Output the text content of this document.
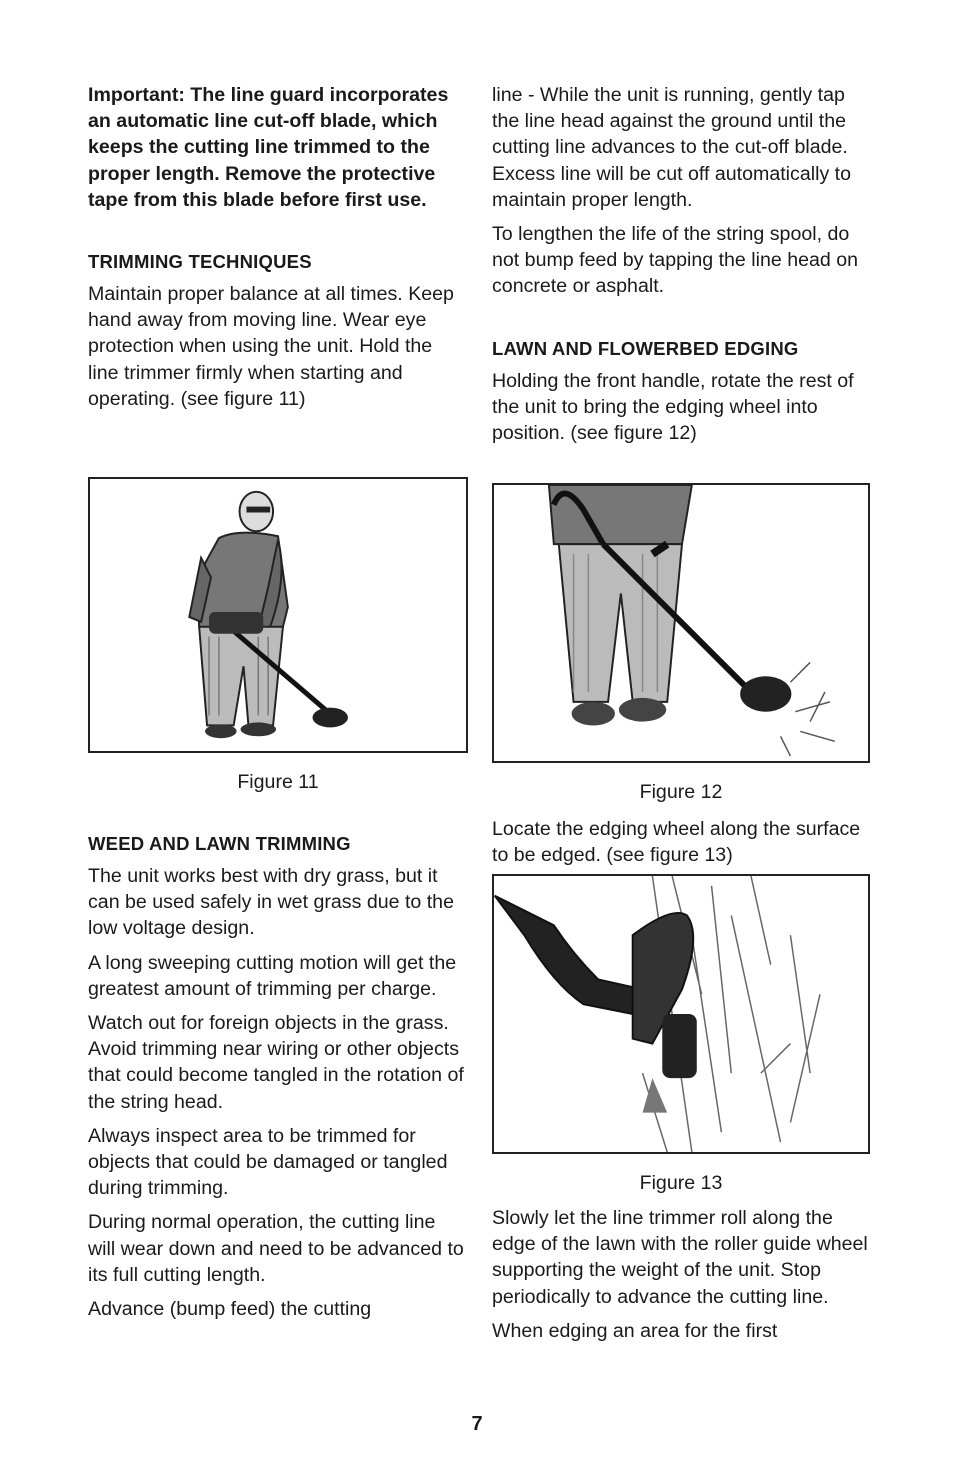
Important: The line guard incorporates an automatic line cut-off blade, which keeps the cutting line trimmed to the proper length. Remove the protective tape from this blade before first use.

TRIMMING TECHNIQUES

Maintain proper balance at all times. Keep hand away from moving line. Wear eye protection when using the unit. Hold the line trimmer firmly when starting and operating. (see figure 11)

Figure 11
WEED AND LAWN TRIMMING

The unit works best with dry grass, but it can be used safely in wet grass due to the low voltage design.

A long sweeping cutting motion will get the greatest amount of trimming per charge.

Watch out for foreign objects in the grass. Avoid trimming near wiring or other objects that could become tangled in the rotation of the string head.

Always inspect area to be trimmed for objects that could be damaged or tangled during trimming.

During normal operation, the cutting line will wear down and need to be advanced to its full cutting length.

Advance (bump feed) the cutting

line - While the unit is running, gently tap the line head against the ground until the cutting line advances to the cut-off blade. Excess line will be cut off automatically to maintain proper length.

To lengthen the life of the string spool, do not bump feed by tapping the line head on concrete or asphalt.

LAWN AND FLOWERBED EDGING

Holding the front handle, rotate the rest of the unit to bring the edging wheel into position. (see figure 12)

Figure 12

Locate the edging wheel along the surface to be edged. (see figure 13)

Figure 13

Slowly let the line trimmer roll along the edge of the lawn with the roller guide wheel supporting the weight of the unit. Stop periodically to advance the cutting line.

When edging an area for the first

7
